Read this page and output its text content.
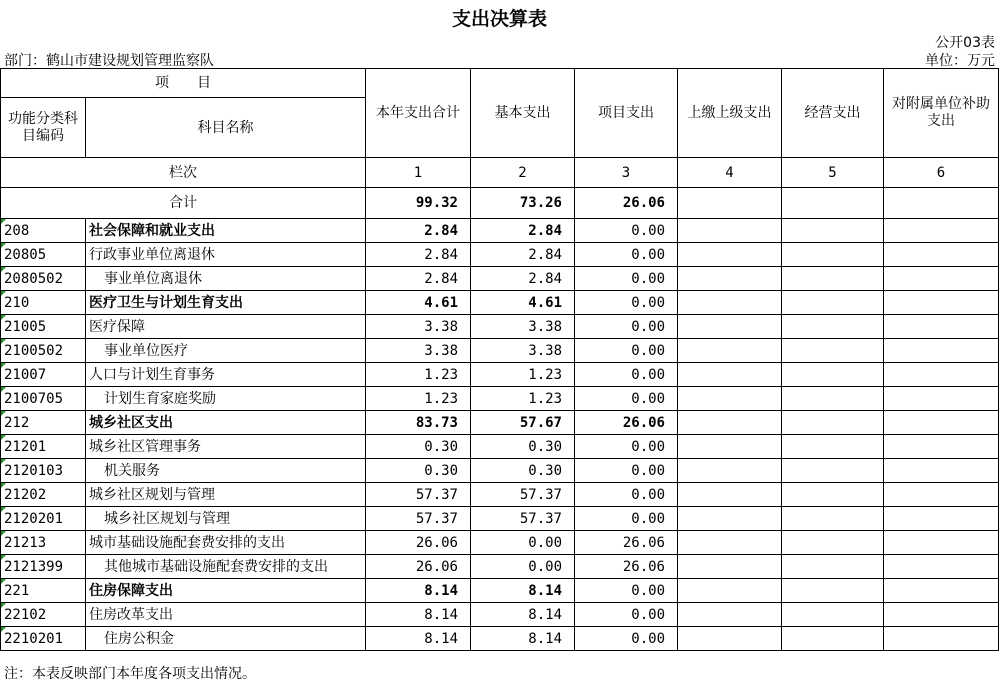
支出决算表
公开03表
部门：鹤山市建设规划管理监察队	单位：万元
项　　目		本年支出合计	基本支出	项目支出	上缴上级支出	经营支出	对附属单位补助支出
功能分类科目编码	科目名称						
栏次		1	2	3	4	5	6
合计		99.32	73.26	26.06			
208	社会保障和就业支出	2.84	2.84	0.00			
20805	行政事业单位离退休	2.84	2.84	0.00			
2080502	事业单位离退休	2.84	2.84	0.00			
210	医疗卫生与计划生育支出	4.61	4.61	0.00			
21005	医疗保障	3.38	3.38	0.00			
2100502	事业单位医疗	3.38	3.38	0.00			
21007	人口与计划生育事务	1.23	1.23	0.00			
2100705	计划生育家庭奖励	1.23	1.23	0.00			
212	城乡社区支出	83.73	57.67	26.06			
21201	城乡社区管理事务	0.30	0.30	0.00			
2120103	机关服务	0.30	0.30	0.00			
21202	城乡社区规划与管理	57.37	57.37	0.00			
2120201	城乡社区规划与管理	57.37	57.37	0.00			
21213	城市基础设施配套费安排的支出	26.06	0.00	26.06			
2121399	其他城市基础设施配套费安排的支出	26.06	0.00	26.06			
221	住房保障支出	8.14	8.14	0.00			
22102	住房改革支出	8.14	8.14	0.00			
2210201	住房公积金	8.14	8.14	0.00			
注：本表反映部门本年度各项支出情况。
